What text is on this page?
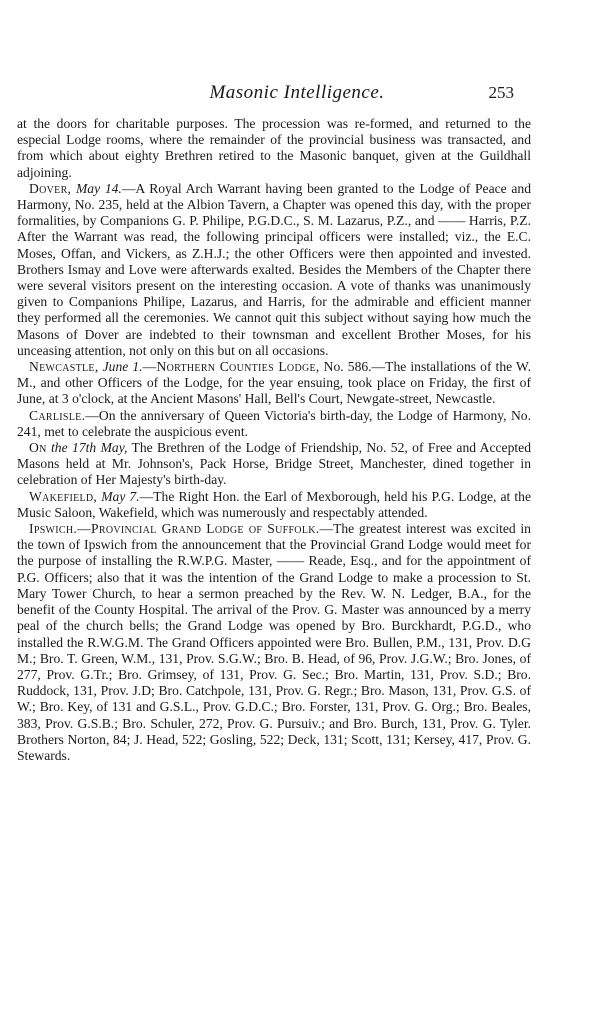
Masonic Intelligence.	253

at the doors for charitable purposes. The procession was re-formed, and returned to the especial Lodge rooms, where the remainder of the provincial business was transacted, and from which about eighty Brethren retired to the Masonic banquet, given at the Guildhall adjoining.

Dover, May 14.—A Royal Arch Warrant having been granted to the Lodge of Peace and Harmony, No. 235, held at the Albion Tavern, a Chapter was opened this day, with the proper formalities, by Companions G. P. Philipe, P.G.D.C., S. M. Lazarus, P.Z., and —— Harris, P.Z. After the Warrant was read, the following principal officers were installed; viz., the E.C. Moses, Offan, and Vickers, as Z.H.J.; the other Officers were then appointed and invested. Brothers Ismay and Love were afterwards exalted. Besides the Members of the Chapter there were several visitors present on the interesting occasion. A vote of thanks was unanimously given to Companions Philipe, Lazarus, and Harris, for the admirable and efficient manner they performed all the ceremonies. We cannot quit this subject without saying how much the Masons of Dover are indebted to their townsman and excellent Brother Moses, for his unceasing attention, not only on this but on all occasions.

Newcastle, June 1.—Northern Counties Lodge, No. 586.—The installations of the W. M., and other Officers of the Lodge, for the year ensuing, took place on Friday, the first of June, at 3 o'clock, at the Ancient Masons' Hall, Bell's Court, Newgate-street, Newcastle.

Carlisle.—On the anniversary of Queen Victoria's birth-day, the Lodge of Harmony, No. 241, met to celebrate the auspicious event.

On the 17th May, The Brethren of the Lodge of Friendship, No. 52, of Free and Accepted Masons held at Mr. Johnson's, Pack Horse, Bridge Street, Manchester, dined together in celebration of Her Majesty's birth-day.

Wakefield, May 7.—The Right Hon. the Earl of Mexborough, held his P.G. Lodge, at the Music Saloon, Wakefield, which was numerously and respectably attended.

Ipswich.—Provincial Grand Lodge of Suffolk.—The greatest interest was excited in the town of Ipswich from the announcement that the Provincial Grand Lodge would meet for the purpose of installing the R.W.P.G. Master, —— Reade, Esq., and for the appointment of P.G. Officers; also that it was the intention of the Grand Lodge to make a procession to St. Mary Tower Church, to hear a sermon preached by the Rev. W. N. Ledger, B.A., for the benefit of the County Hospital. The arrival of the Prov. G. Master was announced by a merry peal of the church bells; the Grand Lodge was opened by Bro. Burckhardt, P.G.D., who installed the R.W.G.M. The Grand Officers appointed were Bro. Bullen, P.M., 131, Prov. D.G M.; Bro. T. Green, W.M., 131, Prov. S.G.W.; Bro. B. Head, of 96, Prov. J.G.W.; Bro. Jones, of 277, Prov. G.Tr.; Bro. Grimsey, of 131, Prov. G. Sec.; Bro. Martin, 131, Prov. S.D.; Bro. Ruddock, 131, Prov. J.D; Bro. Catchpole, 131, Prov. G. Regr.; Bro. Mason, 131, Prov. G.S. of W.; Bro. Key, of 131 and G.S.L., Prov. G.D.C.; Bro. Forster, 131, Prov. G. Org.; Bro. Beales, 383, Prov. G.S.B.; Bro. Schuler, 272, Prov. G. Pursuiv.; and Bro. Burch, 131, Prov. G. Tyler. Brothers Norton, 84; J. Head, 522; Gosling, 522; Deck, 131; Scott, 131; Kersey, 417, Prov. G. Stewards.
